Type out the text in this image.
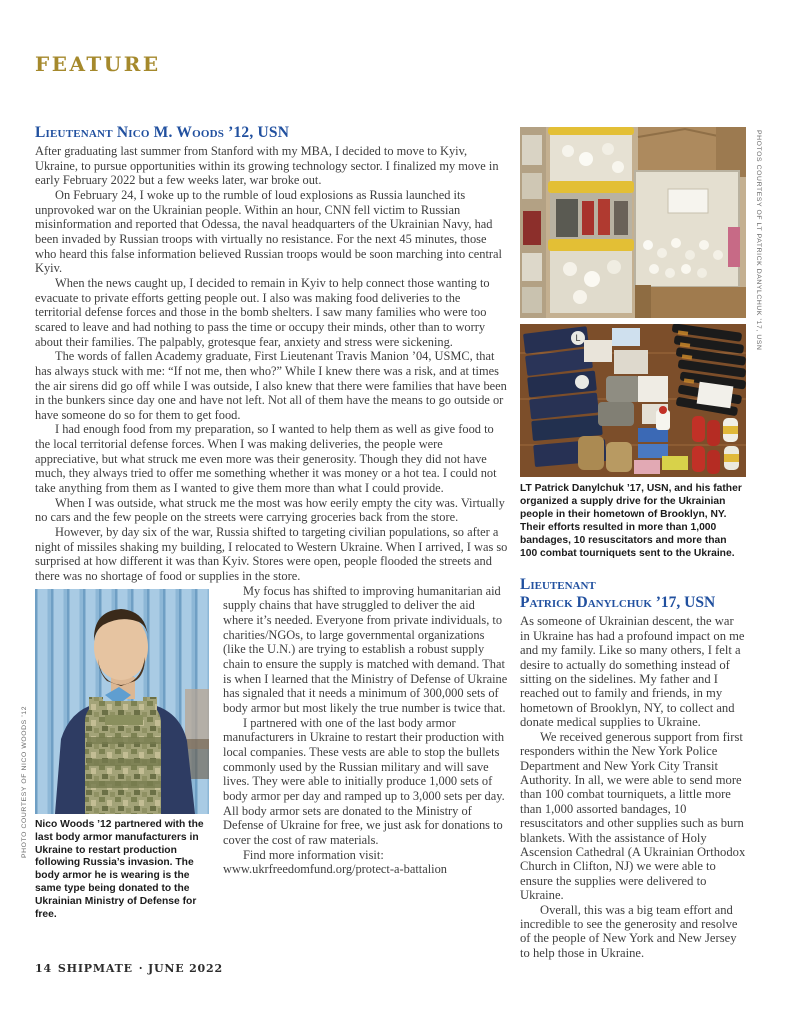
FEATURE
Lieutenant Nico M. Woods ’12, USN

After graduating last summer from Stanford with my MBA, I decided to move to Kyiv, Ukraine, to pursue opportunities within its growing technology sector. I finalized my move in early February 2022 but a few weeks later, war broke out.

On February 24, I woke up to the rumble of loud explosions as Russia launched its unprovoked war on the Ukrainian people. Within an hour, CNN fell victim to Russian misinformation and reported that Odessa, the naval headquarters of the Ukrainian Navy, had been invaded by Russian troops with virtually no resistance. For the next 45 minutes, those who heard this false information believed Russian troops would be soon marching into central Kyiv.

When the news caught up, I decided to remain in Kyiv to help connect those wanting to evacuate to private efforts getting people out. I also was making food deliveries to the territorial defense forces and those in the bomb shelters. I saw many families who were too scared to leave and had nothing to pass the time or occupy their minds, other than to worry about their families. The palpably, grotesque fear, anxiety and stress were sickening.

The words of fallen Academy graduate, First Lieutenant Travis Manion ’04, USMC, that has always stuck with me: “If not me, then who?” While I knew there was a risk, and at times the air sirens did go off while I was outside, I also knew that there were families that have been in the bunkers since day one and have not left. Not all of them have the means to go outside or have someone do so for them to get food.

I had enough food from my preparation, so I wanted to help them as well as give food to the local territorial defense forces. When I was making deliveries, the people were appreciative, but what struck me even more was their generosity. Though they did not have much, they always tried to offer me something whether it was money or a hot tea. I could not take anything from them as I wanted to give them more than what I could provide.

When I was outside, what struck me the most was how eerily empty the city was. Virtually no cars and the few people on the streets were carrying groceries back from the store.

However, by day six of the war, Russia shifted to targeting civilian populations, so after a night of missiles shaking my building, I relocated to Western Ukraine. When I arrived, I was so surprised at how different it was than Kyiv. Stores were open, people flooded the streets and there was no shortage of food or supplies in the store.

Nico Woods ’12 partnered with the last body armor manufacturers in Ukraine to restart production following Russia’s invasion. The body armor he is wearing is the same type being donated to the Ukrainian Ministry of Defense for free.

My focus has shifted to improving humanitarian aid supply chains that have struggled to deliver the aid where it’s needed. Everyone from private individuals, to charities/NGOs, to large governmental organizations (like the U.N.) are trying to establish a robust supply chain to ensure the supply is matched with demand. That is when I learned that the Ministry of Defense of Ukraine has signaled that it needs a minimum of 300,000 sets of body armor but most likely the true number is twice that.

I partnered with one of the last body armor manufacturers in Ukraine to restart their production with local companies. These vests are able to stop the bullets commonly used by the Russian military and will save lives. They were able to initially produce 1,000 sets of body armor per day and ramped up to 3,000 sets per day. All body armor sets are donated to the Ministry of Defense of Ukraine for free, we just ask for donations to cover the cost of raw materials.

Find more information visit: www.ukrfreedomfund.org/protect-a-battalion

L
LT Patrick Danylchuk ’17, USN, and his father organized a supply drive for the Ukrainian people in their hometown of Brooklyn, NY. Their efforts resulted in more than 1,000 bandages, 10 resuscitators and more than 100 combat tourniquets sent to the Ukraine.
Lieutenant
Patrick Danylchuk ’17, USN

As someone of Ukrainian descent, the war in Ukraine has had a profound impact on me and my family. Like so many others, I felt a desire to actually do something instead of sitting on the sidelines. My father and I reached out to family and friends, in my hometown of Brooklyn, NY, to collect and donate medical supplies to Ukraine.

We received generous support from first responders within the New York Police Department and New York City Transit Authority. In all, we were able to send more than 100 combat tourniquets, a little more than 1,000 assorted bandages, 10 resuscitators and other supplies such as burn blankets. With the assistance of Holy Ascension Cathedral (A Ukrainian Orthodox Church in Clifton, NJ) we were able to ensure the supplies were delivered to Ukraine.

Overall, this was a big team effort and incredible to see the generosity and resolve of the people of New York and New Jersey to help those in Ukraine.

PHOTOS COURTESY OF LT PATRICK DANYLCHUK ’17, USN
PHOTO COURTESY OF NICO WOODS ’12
14 SHIPMATE · JUNE 2022
